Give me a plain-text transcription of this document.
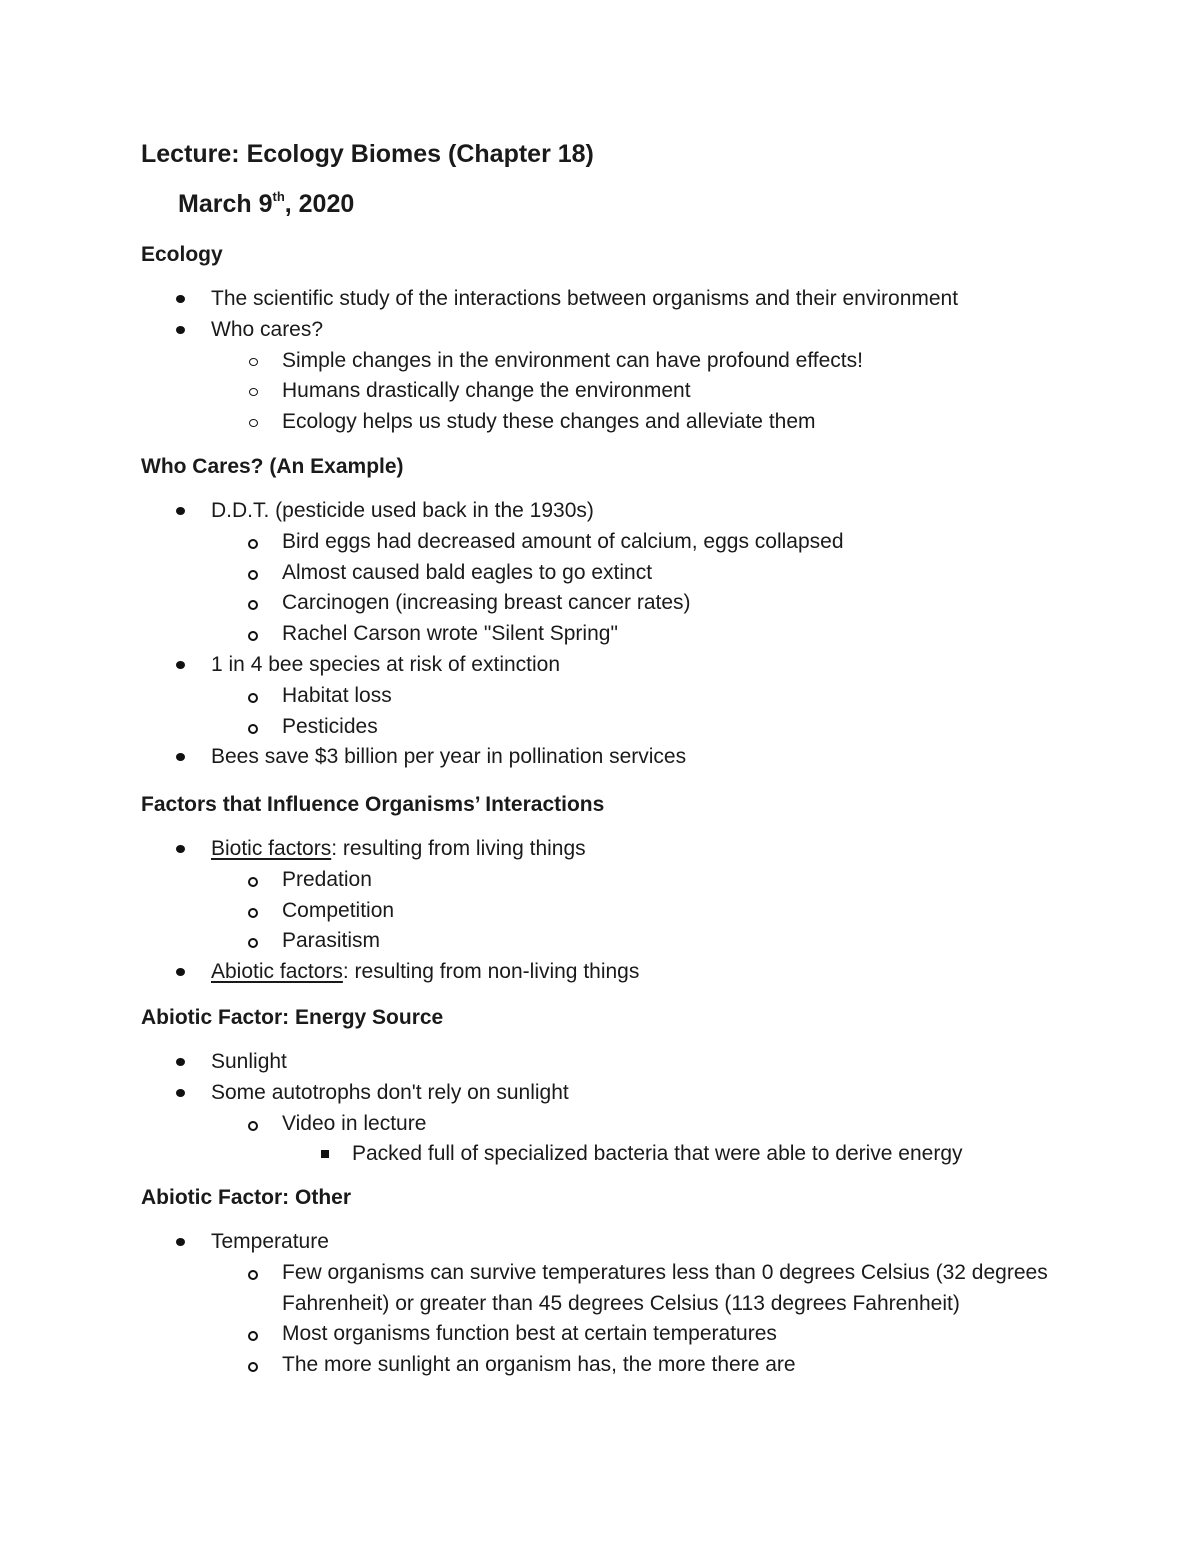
Lecture: Ecology Biomes (Chapter 18)
March 9th, 2020
Ecology
The scientific study of the interactions between organisms and their environment
Who cares?
Simple changes in the environment can have profound effects!
Humans drastically change the environment
Ecology helps us study these changes and alleviate them
Who Cares? (An Example)
D.D.T. (pesticide used back in the 1930s)
Bird eggs had decreased amount of calcium, eggs collapsed
Almost caused bald eagles to go extinct
Carcinogen (increasing breast cancer rates)
Rachel Carson wrote "Silent Spring"
1 in 4 bee species at risk of extinction
Habitat loss
Pesticides
Bees save $3 billion per year in pollination services
Factors that Influence Organisms’ Interactions
Biotic factors: resulting from living things
Predation
Competition
Parasitism
Abiotic factors: resulting from non-living things
Abiotic Factor: Energy Source
Sunlight
Some autotrophs don't rely on sunlight
Video in lecture
Packed full of specialized bacteria that were able to derive energy
Abiotic Factor: Other
Temperature
Few organisms can survive temperatures less than 0 degrees Celsius (32 degrees Fahrenheit) or greater than 45 degrees Celsius (113 degrees Fahrenheit)
Most organisms function best at certain temperatures
The more sunlight an organism has, the more there are
